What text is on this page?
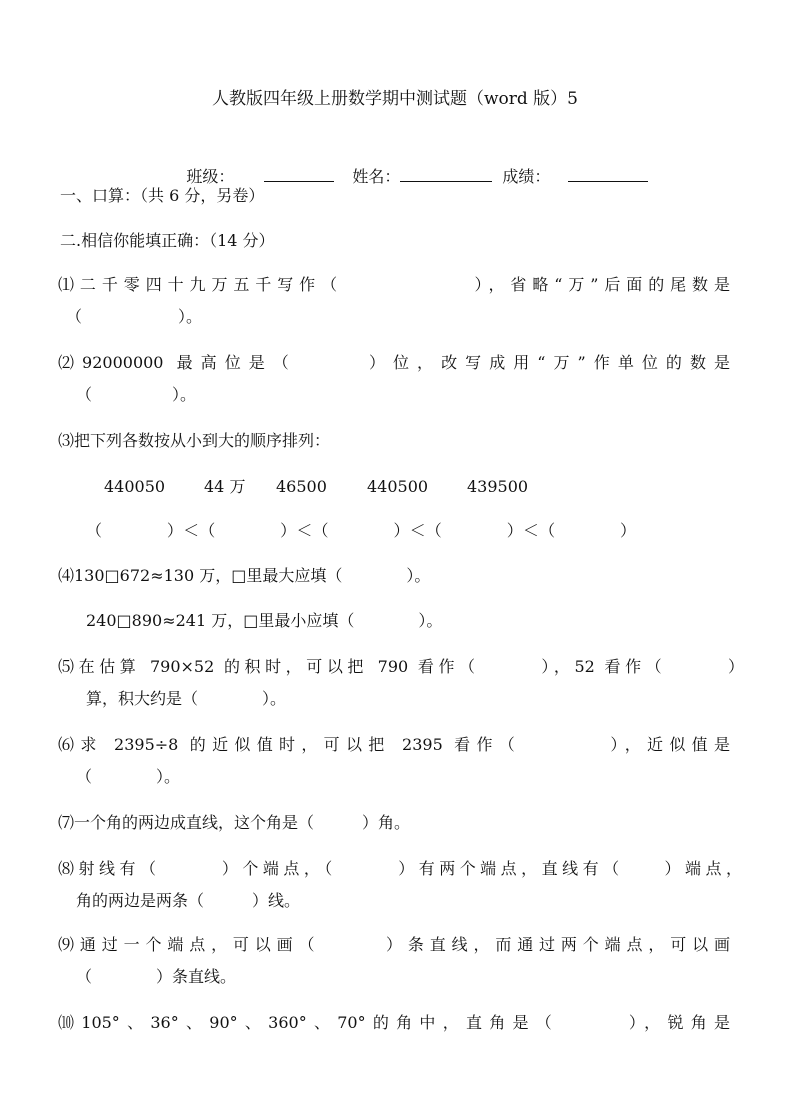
人教版四年级上册数学期中测试题（word 版）5

班级：	姓名：	成绩：

一、口算：（共 6 分，另卷）
二.相信你能填正确：（14 分）
⑴二千零四十九万五千写作（　　　　　　），省略“万”后面的尾数是
（　　　　　　）。
⑵92000000 最高位是（　　　）位，改写成用“万”作单位的数是
（　　　　　）。
⑶把下列各数按从小到大的顺序排列：
440050 44 万 46500	440500 439500
（　　　　）＜（　　　　）＜（　　　　）＜（　　　　）＜（　　　　）
⑷130□672≈130 万，□里最大应填（　　　　）。
240□890≈241 万，□里最小应填（　　　　）。
⑸在估算 790×52 的积时，可以把 790 看作（　　　），52 看作（　　　）
算，积大约是（　　　　）。
⑹求 2395÷8 的近似值时，可以把 2395 看作（　　　　），近似值是
（　　　　）。
⑺一个角的两边成直线，这个角是（　　　）角。
⑻射线有（　　　）个端点，（　　　）有两个端点，直线有（　　）端点，
角的两边是两条（　　　）线。
⑼通过一个端点，可以画（　　　）条直线，而通过两个端点，可以画
（　　　　）条直线。
⑽105°、36°、90°、360°、70°的角中，直角是（　　　），锐角是
